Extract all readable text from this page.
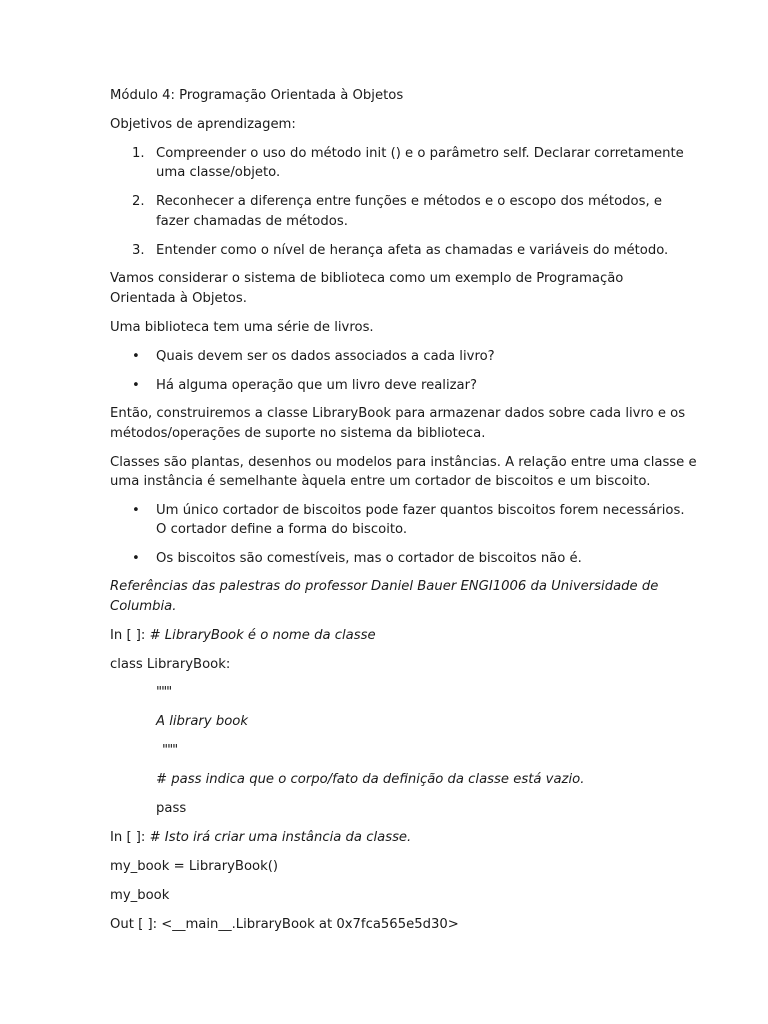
Módulo 4: Programação Orientada à Objetos

Objetivos de aprendizagem:

1. Compreender o uso do método init () e o parâmetro self. Declarar corretamente
uma classe/objeto.
2. Reconhecer a diferença entre funções e métodos e o escopo dos métodos, e
fazer chamadas de métodos.
3. Entender como o nível de herança afeta as chamadas e variáveis do método.

Vamos considerar o sistema de biblioteca como um exemplo de Programação

Orientada à Objetos.

Uma biblioteca tem uma série de livros.

• Quais devem ser os dados associados a cada livro?
• Há alguma operação que um livro deve realizar?

Então, construiremos a classe LibraryBook para armazenar dados sobre cada livro e os

métodos/operações de suporte no sistema da biblioteca.

Classes são plantas, desenhos ou modelos para instâncias. A relação entre uma classe e

uma instância é semelhante àquela entre um cortador de biscoitos e um biscoito.

• Um único cortador de biscoitos pode fazer quantos biscoitos forem necessários.
O cortador define a forma do biscoito.
• Os biscoitos são comestíveis, mas o cortador de biscoitos não é.

Referências das palestras do professor Daniel Bauer ENGI1006 da Universidade de

Columbia.

In [ ]: # LibraryBook é o nome da classe

class LibraryBook:

"""

A library book

"""

# pass indica que o corpo/fato da definição da classe está vazio.

pass

In [ ]: # Isto irá criar uma instância da classe.

my_book = LibraryBook()

my_book

Out [ ]: <__main__.LibraryBook at 0x7fca565e5d30>
